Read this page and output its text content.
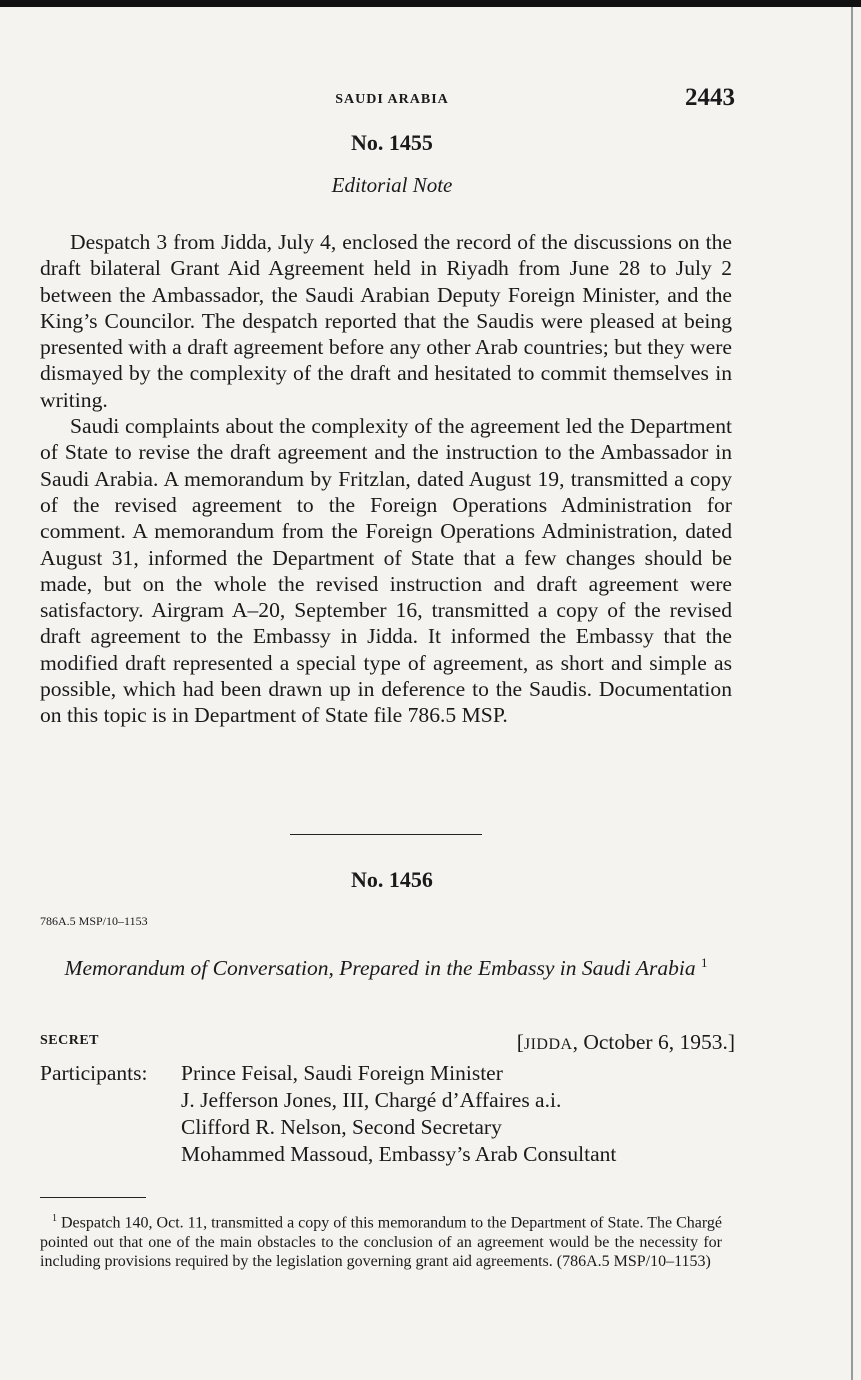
SAUDI ARABIA	2443
No. 1455
Editorial Note

Despatch 3 from Jidda, July 4, enclosed the record of the discussions on the draft bilateral Grant Aid Agreement held in Riyadh from June 28 to July 2 between the Ambassador, the Saudi Arabian Deputy Foreign Minister, and the King’s Councilor. The despatch reported that the Saudis were pleased at being presented with a draft agreement before any other Arab countries; but they were dismayed by the complexity of the draft and hesitated to commit themselves in writing.

Saudi complaints about the complexity of the agreement led the Department of State to revise the draft agreement and the instruction to the Ambassador in Saudi Arabia. A memorandum by Fritzlan, dated August 19, transmitted a copy of the revised agreement to the Foreign Operations Administration for comment. A memorandum from the Foreign Operations Administration, dated August 31, informed the Department of State that a few changes should be made, but on the whole the revised instruction and draft agreement were satisfactory. Airgram A–20, September 16, transmitted a copy of the revised draft agreement to the Embassy in Jidda. It informed the Embassy that the modified draft represented a special type of agreement, as short and simple as possible, which had been drawn up in deference to the Saudis. Documentation on this topic is in Department of State file 786.5 MSP.

No. 1456
786A.5 MSP/10–1153
Memorandum of Conversation, Prepared in the Embassy in Saudi Arabia $^1$
SECRET	[JIDDA, October 6, 1953.]
Participants: Prince Feisal, Saudi Foreign Minister
J. Jefferson Jones, III, Chargé d’Affaires a.i.
Clifford R. Nelson, Second Secretary
Mohammed Massoud, Embassy’s Arab Consultant

$^1$ Despatch 140, Oct. 11, transmitted a copy of this memorandum to the Department of State. The Chargé pointed out that one of the main obstacles to the conclusion of an agreement would be the necessity for including provisions required by the legislation governing grant aid agreements. (786A.5 MSP/10–1153)
